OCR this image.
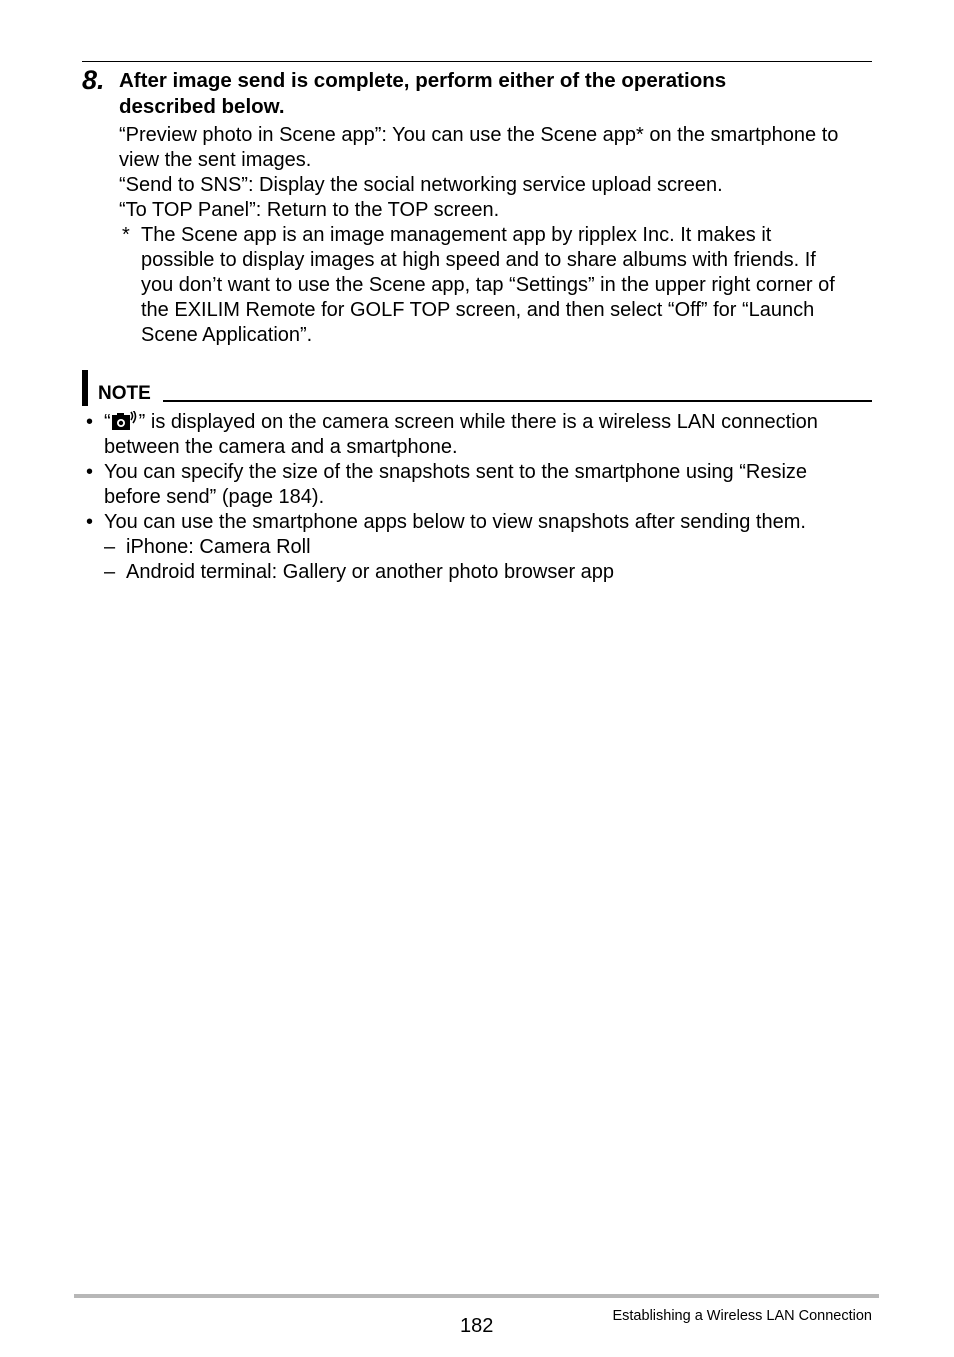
8. After image send is complete, perform either of the operations
described below.
“Preview photo in Scene app”: You can use the Scene app* on the smartphone to
view the sent images.
“Send to SNS”: Display the social networking service upload screen.
“To TOP Panel”: Return to the TOP screen.
* The Scene app is an image management app by ripplex Inc. It makes it
possible to display images at high speed and to share albums with friends. If
you don’t want to use the Scene app, tap “Settings” in the upper right corner of
the EXILIM Remote for GOLF TOP screen, and then select “Off” for “Launch
Scene Application”.
NOTE
• “ ” is displayed on the camera screen while there is a wireless LAN connection
between the camera and a smartphone.
• You can specify the size of the snapshots sent to the smartphone using “Resize
before send” (page 184).
• You can use the smartphone apps below to view snapshots after sending them.
– iPhone: Camera Roll
– Android terminal: Gallery or another photo browser app
182	Establishing a Wireless LAN Connection
